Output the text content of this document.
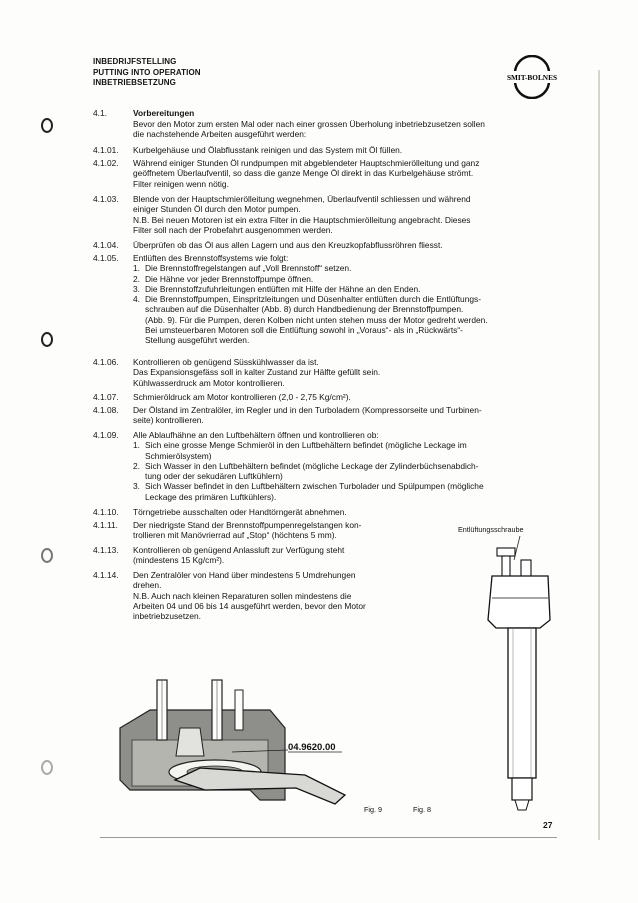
INBEDRIJFSTELLING
PUTTING INTO OPERATION
INBETRIEBSETZUNG
SMIT-BOLNES
4.1.	Vorbereitungen
Bevor den Motor zum ersten Mal oder nach einer grossen Überholung inbetriebzusetzen sollen
die nachstehende Arbeiten ausgeführt werden:
4.1.01.	Kurbelgehäuse und Ölabflusstank reinigen und das System mit Öl füllen.
4.1.02.	Während einiger Stunden Öl rundpumpen mit abgeblendeter Hauptschmierölleitung und ganz
geöffnetem Überlaufventil, so dass die ganze Menge Öl direkt in das Kurbelgehäuse strömt.
Filter reinigen wenn nötig.
4.1.03.	Blende von der Hauptschmierölleitung wegnehmen, Überlaufventil schliessen und während
einiger Stunden Öl durch den Motor pumpen.
N.B. Bei neuen Motoren ist ein extra Filter in die Hauptschmierölleitung angebracht. Dieses
Filter soll nach der Probefahrt ausgenommen werden.
4.1.04.	Überprüfen ob das Öl aus allen Lagern und aus den Kreuzkopfabflussröhren fliesst.
4.1.05.	Entlüften des Brennstoffsystems wie folgt:
1. Die Brennstoffregelstangen auf „Voll Brennstoff“ setzen.
2. Die Hähne vor jeder Brennstoffpumpe öffnen.
3. Die Brennstoffzufuhrleitungen entlüften mit Hilfe der Hähne an den Enden.
4. Die Brennstoffpumpen, Einspritzleitungen und Düsenhalter entlüften durch die Entlüftungs-
schrauben auf die Düsenhalter (Abb. 8) durch Handbedienung der Brennstoffpumpen.
(Abb. 9). Für die Pumpen, deren Kolben nicht unten stehen muss der Motor gedreht werden.
Bei umsteuerbaren Motoren soll die Entlüftung sowohl in „Voraus“- als in „Rückwärts“-
Stellung ausgeführt werden.
4.1.06.	Kontrollieren ob genügend Süsskühlwasser da ist.
Das Expansionsgefäss soll in kalter Zustand zur Hälfte gefüllt sein.
Kühlwasserdruck am Motor kontrollieren.
4.1.07.	Schmieröldruck am Motor kontrollieren (2,0 - 2,75 Kg/cm²).
4.1.08.	Der Ölstand im Zentralöler, im Regler und in den Turboladern (Kompressorseite und Turbinen-
seite) kontrollieren.
4.1.09.	Alle Ablaufhähne an den Luftbehältern öffnen und kontrollieren ob:
1. Sich eine grosse Menge Schmieröl in den Luftbehältern befindet (mögliche Leckage im
Schmierölsystem)
2. Sich Wasser in den Luftbehältern befindet (mögliche Leckage der Zylinderbüchsenabdich-
tung oder der sekudären Luftkühlern)
3. Sich Wasser befindet in den Luftbehältern zwischen Turbolader und Spülpumpen (mögliche
Leckage des primären Luftkühlers).
4.1.10.	Törngetriebe ausschalten oder Handtörngerät abnehmen.
4.1.11.	Der niedrigste Stand der Brennstoffpumpenregelstangen kon-
trollieren mit Manövrierrad auf „Stop“ (höchtens 5 mm).
4.1.13.	Kontrollieren ob genügend Anlassluft zur Verfügung steht
(mindestens 15 Kg/cm²).
4.1.14.	Den Zentralöler von Hand über mindestens 5 Umdrehungen
drehen.
N.B. Auch nach kleinen Reparaturen sollen mindestens die
Arbeiten 04 und 06 bis 14 ausgeführt werden, bevor den Motor
inbetriebzusetzen.
04.9620.00
Fig. 9
Entlüftungsschraube
Fig. 8
27
